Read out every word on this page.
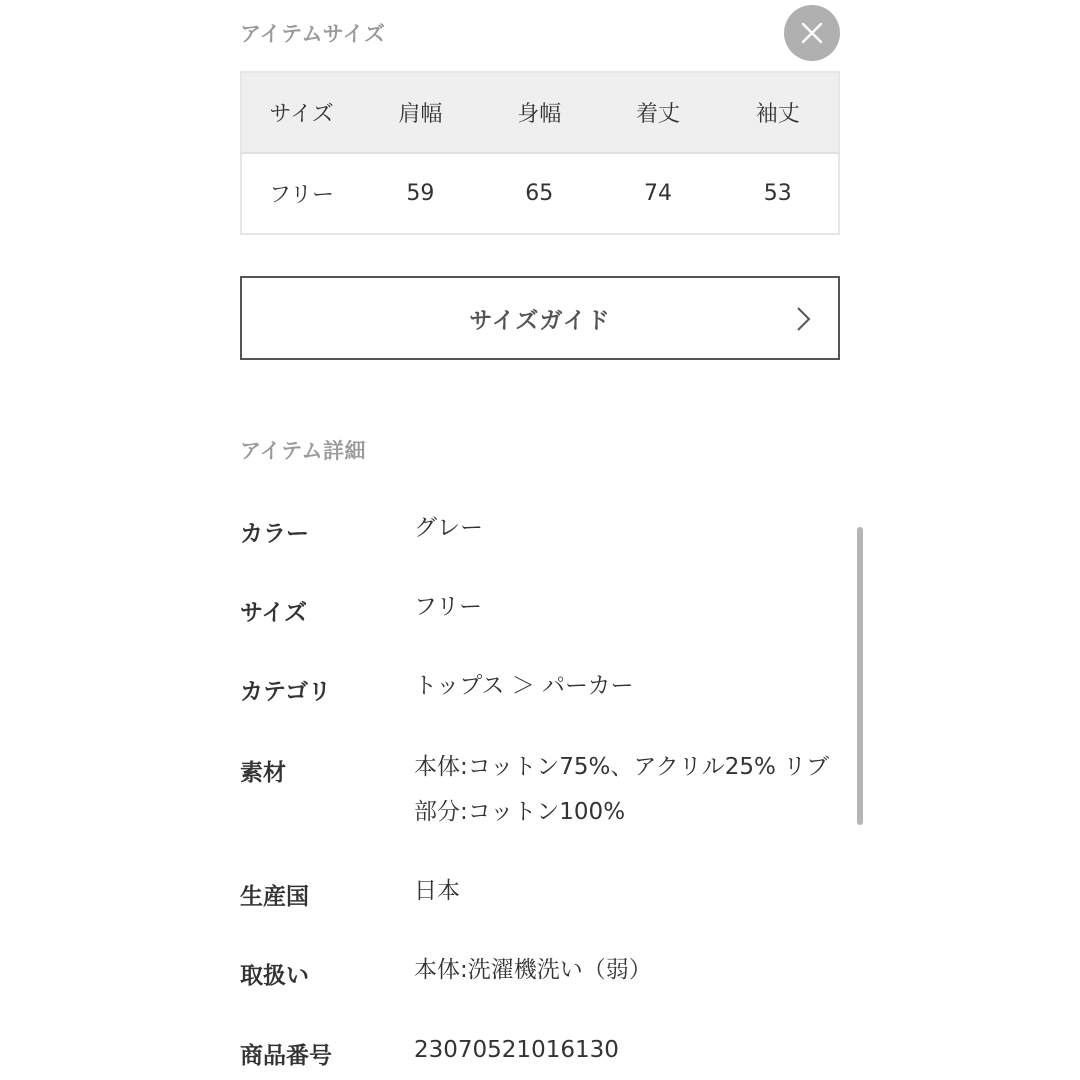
アイテムサイズ
サイズ	肩幅	身幅	着丈	袖丈
フリー	59	65	74	53
サイズガイド
アイテム詳細
カラー	グレー
サイズ	フリー
カテゴリ	トップス ＞ パーカー
素材	本体:コットン75%、アクリル25% リブ部分:コットン100%
生産国	日本
取扱い	本体:洗濯機洗い（弱）
商品番号	23070521016130
